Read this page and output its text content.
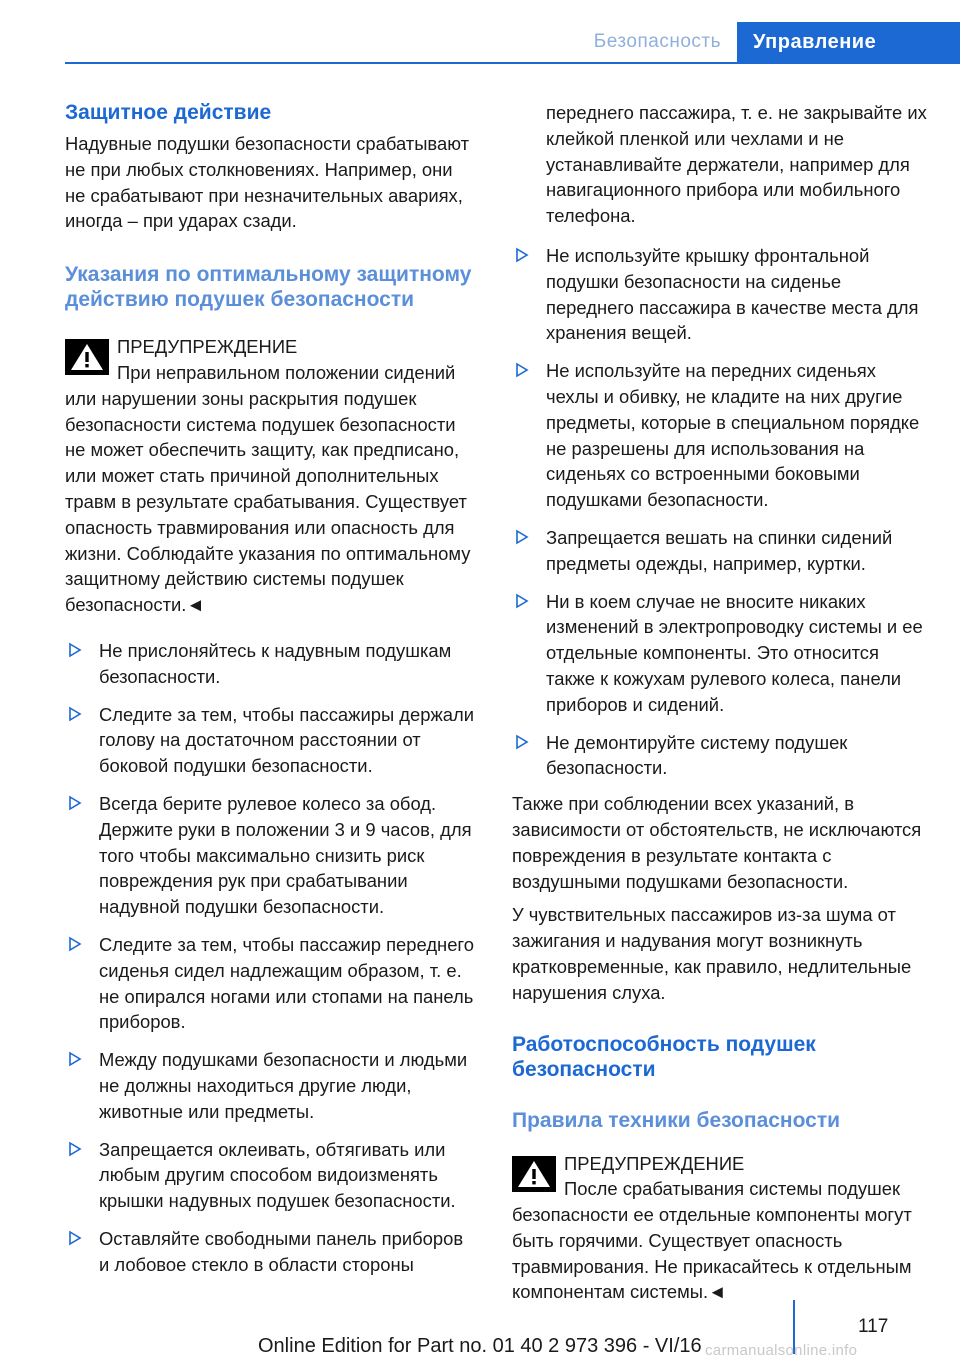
Безопасность	Управление
Защитное действие

Надувные подушки безопасности срабатывают не при любых столкновениях. Например, они не срабатывают при незначительных авариях, иногда – при ударах сзади.

Указания по оптимальному защитному действию подушек безопасности
ПРЕДУПРЕЖДЕНИЕ
При неправильном положении сидений
или нарушении зоны раскрытия подушек безопасности система подушек безопасности не может обеспечить защиту, как предписано, или может стать причиной дополнительных травм в результате срабатывания. Существует опасность травмирования или опасность для жизни. Соблюдайте указания по оптимальному защитному действию системы подушек безопасности.◄
Не прислоняйтесь к надувным подушкам безопасности.
Следите за тем, чтобы пассажиры держали голову на достаточном расстоянии от боковой подушки безопасности.
Всегда берите рулевое колесо за обод. Держите руки в положении 3 и 9 часов, для того чтобы максимально снизить риск повреждения рук при срабатывании надувной подушки безопасности.
Следите за тем, чтобы пассажир переднего сиденья сидел надлежащим образом, т. е. не опирался ногами или стопами на панель приборов.
Между подушками безопасности и людьми не должны находиться другие люди, животные или предметы.
Запрещается оклеивать, обтягивать или любым другим способом видоизменять крышки надувных подушек безопасности.
Оставляйте свободными панель приборов и лобовое стекло в области стороны

переднего пассажира, т. е. не закрывайте их клейкой пленкой или чехлами и не устанавливайте держатели, например для навигационного прибора или мобильного телефона.

Не используйте крышку фронтальной подушки безопасности на сиденье переднего пассажира в качестве места для хранения вещей.
Не используйте на передних сиденьях чехлы и обивку, не кладите на них другие предметы, которые в специальном порядке не разрешены для использования на сиденьях со встроенными боковыми подушками безопасности.
Запрещается вешать на спинки сидений предметы одежды, например, куртки.
Ни в коем случае не вносите никаких изменений в электропроводку системы и ее отдельные компоненты. Это относится также к кожухам рулевого колеса, панели приборов и сидений.
Не демонтируйте систему подушек безопасности.

Также при соблюдении всех указаний, в зависимости от обстоятельств, не исключаются повреждения в результате контакта с воздушными подушками безопасности.

У чувствительных пассажиров из-за шума от зажигания и надувания могут возникнуть кратковременные, как правило, недлительные нарушения слуха.

Работоспособность подушек безопасности
Правила техники безопасности
ПРЕДУПРЕЖДЕНИЕ
После срабатывания системы подушек
безопасности ее отдельные компоненты могут быть горячими. Существует опасность травмирования. Не прикасайтесь к отдельным компонентам системы.◄
117
Online Edition for Part no. 01 40 2 973 396 - VI/16 carmanualsonline.info
